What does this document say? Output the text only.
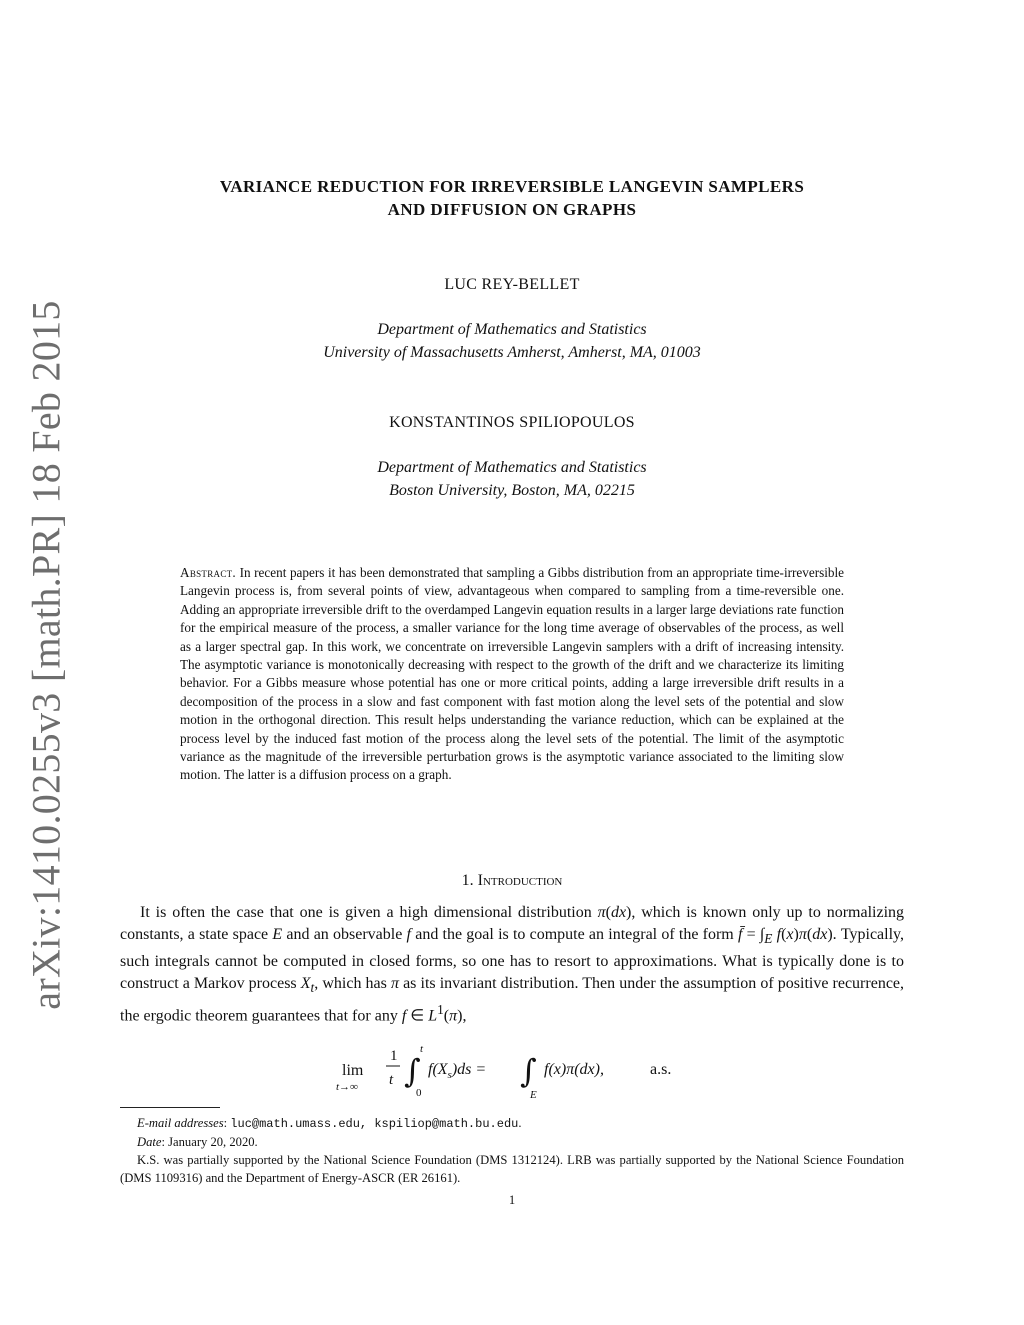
arXiv:1410.0255v3 [math.PR] 18 Feb 2015
VARIANCE REDUCTION FOR IRREVERSIBLE LANGEVIN SAMPLERS
AND DIFFUSION ON GRAPHS
LUC REY-BELLET
Department of Mathematics and Statistics
University of Massachusetts Amherst, Amherst, MA, 01003
KONSTANTINOS SPILIOPOULOS
Department of Mathematics and Statistics
Boston University, Boston, MA, 02215
Abstract. In recent papers it has been demonstrated that sampling a Gibbs distribution from an appropriate time-irreversible Langevin process is, from several points of view, advantageous when compared to sampling from a time-reversible one. Adding an appropriate irreversible drift to the overdamped Langevin equation results in a larger large deviations rate function for the empirical measure of the process, a smaller variance for the long time average of observables of the process, as well as a larger spectral gap. In this work, we concentrate on irreversible Langevin samplers with a drift of increasing intensity. The asymptotic variance is monotonically decreasing with respect to the growth of the drift and we characterize its limiting behavior. For a Gibbs measure whose potential has one or more critical points, adding a large irreversible drift results in a decomposition of the process in a slow and fast component with fast motion along the level sets of the potential and slow motion in the orthogonal direction. This result helps understanding the variance reduction, which can be explained at the process level by the induced fast motion of the process along the level sets of the potential. The limit of the asymptotic variance as the magnitude of the irreversible perturbation grows is the asymptotic variance associated to the limiting slow motion. The latter is a diffusion process on a graph.
1. Introduction

It is often the case that one is given a high dimensional distribution π(dx), which is known only up to normalizing constants, a state space E and an observable f and the goal is to compute an integral of the form f̄ = $\int_E$ f(x)π(dx). Typically, such integrals cannot be computed in closed forms, so one has to resort to approximations. What is typically done is to construct a Markov process $X_t$, which has π as its invariant distribution. Then under the assumption of positive recurrence, the ergodic theorem guarantees that for any f ∈ $L^1(\pi)$,

lim
t→∞
1
t ∫
t
0
$f(X_s)ds$ = ∫
E
f(x)π(dx),	a.s.

E-mail addresses: luc@math.umass.edu, kspiliop@math.bu.edu.

Date: January 20, 2020.

K.S. was partially supported by the National Science Foundation (DMS 1312124). LRB was partially supported by the National Science Foundation (DMS 1109316) and the Department of Energy-ASCR (ER 26161).

1
